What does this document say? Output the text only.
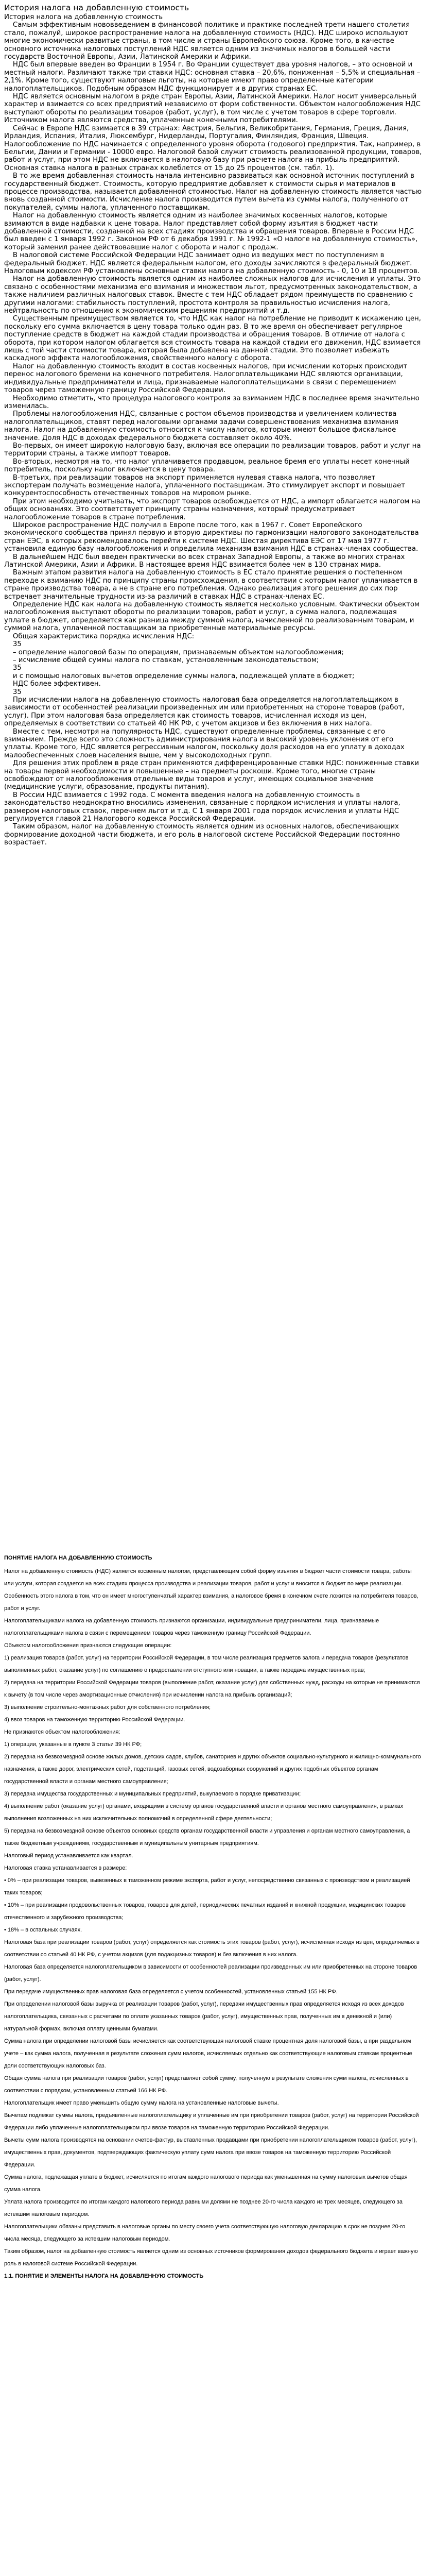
История налога на добавленную стоимость

История налога на добавленную стоимость

Самым эффективным нововведением в финансовой политике и практике последней трети нашего столетия стало, пожалуй, широкое распространение налога на добавленную стоимость (НДС). НДС широко используют многие экономически развитые страны, в том числе и страны Европейского союза. Кроме того, в качестве основного источника налоговых поступлений НДС является одним из значимых налогов в большей части государств Восточной Европы, Азии, Латинской Америки и Африки.

НДС был впервые введен во Франции в 1954 г. Во Франции существует два уровня налогов, – это основной и местный налоги. Различают также три ставки НДС: основная ставка – 20,6%, пониженная – 5,5% и специальная – 2,1%. Кроме того, существуют налоговые льготы, на которые имеют право определенные категории налогоплательщиков. Подобным образом НДС функционирует и в других странах ЕС.

НДС является основным налогом в ряде стран Европы, Азии, Латинской Америки. Налог носит универсальный характер и взимается со всех предприятий независимо от форм собственности. Объектом налогообложения НДС выступают обороты по реализации товаров (работ, услуг), в том числе с учетом товаров в сфере торговли. Источником налога являются средства, уплаченные конечными потребителями.

Сейчас в Европе НДС взимается в 39 странах: Австрия, Бельгия, Великобритания, Германия, Греция, Дания, Ирландия, Испания, Италия, Люксембург, Нидерланды, Португалия, Финляндия, Франция, Швеция. Налогообложение по НДС начинается с определенного уровня оборота (годового) предприятия. Так, например, в Бельгии, Дании и Германии - 10000 евро. Налоговой базой служит стоимость реализованной продукции, товаров, работ и услуг, при этом НДС не включается в налоговую базу при расчете налога на прибыль предприятий. Основная ставка налога в разных странах колеблется от 15 до 25 процентов (см. табл. 1).

В то же время добавленная стоимость начала интенсивно развиваться как основной источник поступлений в государственный бюджет. Стоимость, которую предприятие добавляет к стоимости сырья и материалов в процессе производства, называется добавленной стоимостью. Налог на добавленную стоимость является частью вновь созданной стоимости. Исчисление налога производится путем вычета из суммы налога, полученного от покупателей, суммы налога, уплаченного поставщикам.

Налог на добавленную стоимость является одним из наиболее значимых косвенных налогов, которые взимаются в виде надбавки к цене товара. Налог представляет собой форму изъятия в бюджет части добавленной стоимости, созданной на всех стадиях производства и обращения товаров. Впервые в России НДС был введен с 1 января 1992 г. Законом РФ от 6 декабря 1991 г. № 1992-1 «О налоге на добавленную стоимость», который заменил ранее действовавшие налог с оборота и налог с продаж.

В налоговой системе Российской Федерации НДС занимает одно из ведущих мест по поступлениям в федеральный бюджет. НДС является федеральным налогом, его доходы зачисляются в федеральный бюджет. Налоговым кодексом РФ установлены основные ставки налога на добавленную стоимость - 0, 10 и 18 процентов.

Налог на добавленную стоимость является одним из наиболее сложных налогов для исчисления и уплаты. Это связано с особенностями механизма его взимания и множеством льгот, предусмотренных законодательством, а также наличием различных налоговых ставок. Вместе с тем НДС обладает рядом преимуществ по сравнению с другими налогами: стабильность поступлений, простота контроля за правильностью исчисления налога, нейтральность по отношению к экономическим решениям предприятий и т.д.

Существенным преимуществом является то, что НДС как налог на потребление не приводит к искажению цен, поскольку его сумма включается в цену товара только один раз. В то же время он обеспечивает регулярное поступление средств в бюджет на каждой стадии производства и обращения товаров. В отличие от налога с оборота, при котором налогом облагается вся стоимость товара на каждой стадии его движения, НДС взимается лишь с той части стоимости товара, которая была добавлена на данной стадии. Это позволяет избежать каскадного эффекта налогообложения, свойственного налогу с оборота.

Налог на добавленную стоимость входит в состав косвенных налогов, при исчислении которых происходит перенос налогового бремени на конечного потребителя. Налогоплательщиками НДС являются организации, индивидуальные предприниматели и лица, признаваемые налогоплательщиками в связи с перемещением товаров через таможенную границу Российской Федерации.

Необходимо отметить, что процедура налогового контроля за взиманием НДС в последнее время значительно изменилась.

Проблемы налогообложения НДС, связанные с ростом объемов производства и увеличением количества налогоплательщиков, ставят перед налоговыми органами задачи совершенствования механизма взимания налога. Налог на добавленную стоимость относится к числу налогов, которые имеют большое фискальное значение. Доля НДС в доходах федерального бюджета составляет около 40%.

Во-первых, он имеет широкую налоговую базу, включая все операции по реализации товаров, работ и услуг на территории страны, а также импорт товаров.

Во-вторых, несмотря на то, что налог уплачивается продавцом, реальное бремя его уплаты несет конечный потребитель, поскольку налог включается в цену товара.

В-третьих, при реализации товаров на экспорт применяется нулевая ставка налога, что позволяет экспортерам получать возмещение налога, уплаченного поставщикам. Это стимулирует экспорт и повышает конкурентоспособность отечественных товаров на мировом рынке.

При этом необходимо учитывать, что экспорт товаров освобождается от НДС, а импорт облагается налогом на общих основаниях. Это соответствует принципу страны назначения, который предусматривает налогообложение товаров в стране потребления.

Широкое распространение НДС получил в Европе после того, как в 1967 г. Совет Европейского экономического сообщества принял первую и вторую директивы по гармонизации налогового законодательства стран ЕЭС, в которых рекомендовалось перейти к системе НДС. Шестая директива ЕЭС от 17 мая 1977 г. установила единую базу налогообложения и определила механизм взимания НДС в странах-членах сообщества.

В дальнейшем НДС был введен практически во всех странах Западной Европы, а также во многих странах Латинской Америки, Азии и Африки. В настоящее время НДС взимается более чем в 130 странах мира.

Важным этапом развития налога на добавленную стоимость в ЕС стало принятие решения о постепенном переходе к взиманию НДС по принципу страны происхождения, в соответствии с которым налог уплачивается в стране производства товара, а не в стране его потребления. Однако реализация этого решения до сих пор встречает значительные трудности из-за различий в ставках НДС в странах-членах ЕС.

Определение НДС как налога на добавленную стоимость является несколько условным. Фактически объектом налогообложения выступают обороты по реализации товаров, работ и услуг, а сумма налога, подлежащая уплате в бюджет, определяется как разница между суммой налога, начисленной по реализованным товарам, и суммой налога, уплаченной поставщикам за приобретенные материальные ресурсы.

Общая характеристика порядка исчисления НДС:

35

– определение налоговой базы по операциям, признаваемым объектом налогообложения;

– исчисление общей суммы налога по ставкам, установленным законодательством;

35

и с помощью налоговых вычетов определение суммы налога, подлежащей уплате в бюджет;

НДС более эффективен.

35

При исчислении налога на добавленную стоимость налоговая база определяется налогоплательщиком в зависимости от особенностей реализации произведенных им или приобретенных на стороне товаров (работ, услуг). При этом налоговая база определяется как стоимость товаров, исчисленная исходя из цен, определяемых в соответствии со статьей 40 НК РФ, с учетом акцизов и без включения в них налога.

Вместе с тем, несмотря на популярность НДС, существуют определенные проблемы, связанные с его взиманием. Прежде всего это сложность администрирования налога и высокий уровень уклонения от его уплаты. Кроме того, НДС является регрессивным налогом, поскольку доля расходов на его уплату в доходах малообеспеченных слоев населения выше, чем у высокодоходных групп.

Для решения этих проблем в ряде стран применяются дифференцированные ставки НДС: пониженные ставки на товары первой необходимости и повышенные – на предметы роскоши. Кроме того, многие страны освобождают от налогообложения отдельные виды товаров и услуг, имеющих социальное значение (медицинские услуги, образование, продукты питания).

В России НДС взимается с 1992 года. С момента введения налога на добавленную стоимость в законодательство неоднократно вносились изменения, связанные с порядком исчисления и уплаты налога, размером налоговых ставок, перечнем льгот и т.д. С 1 января 2001 года порядок исчисления и уплаты НДС регулируется главой 21 Налогового кодекса Российской Федерации.

Таким образом, налог на добавленную стоимость является одним из основных налогов, обеспечивающих формирование доходной части бюджета, и его роль в налоговой системе Российской Федерации постоянно возрастает.

ПОНЯТИЕ НАЛОГА НА ДОБАВЛЕННУЮ СТОИМОСТЬ

Налог на добавленную стоимость (НДС) является косвенным налогом, представляющим собой форму изъятия в бюджет части стоимости товара, работы или услуги, которая создается на всех стадиях процесса производства и реализации товаров, работ и услуг и вносится в бюджет по мере реализации.

Особенность этого налога в том, что он имеет многоступенчатый характер взимания, а налоговое бремя в конечном счете ложится на потребителя товаров, работ и услуг.

Налогоплательщиками налога на добавленную стоимость признаются организации, индивидуальные предприниматели, лица, признаваемые налогоплательщиками налога в связи с перемещением товаров через таможенную границу Российской Федерации.

Объектом налогообложения признаются следующие операции:

1) реализация товаров (работ, услуг) на территории Российской Федерации, в том числе реализация предметов залога и передача товаров (результатов выполненных работ, оказание услуг) по соглашению о предоставлении отступного или новации, а также передача имущественных прав;

2) передача на территории Российской Федерации товаров (выполнение работ, оказание услуг) для собственных нужд, расходы на которые не принимаются к вычету (в том числе через амортизационные отчисления) при исчислении налога на прибыль организаций;

3) выполнение строительно-монтажных работ для собственного потребления;

4) ввоз товаров на таможенную территорию Российской Федерации.

Не признаются объектом налогообложения:

1) операции, указанные в пункте 3 статьи 39 НК РФ;

2) передача на безвозмездной основе жилых домов, детских садов, клубов, санаториев и других объектов социально-культурного и жилищно-коммунального назначения, а также дорог, электрических сетей, подстанций, газовых сетей, водозаборных сооружений и других подобных объектов органам государственной власти и органам местного самоуправления;

3) передача имущества государственных и муниципальных предприятий, выкупаемого в порядке приватизации;

4) выполнение работ (оказание услуг) органами, входящими в систему органов государственной власти и органов местного самоуправления, в рамках выполнения возложенных на них исключительных полномочий в определенной сфере деятельности;

5) передача на безвозмездной основе объектов основных средств органам государственной власти и управления и органам местного самоуправления, а также бюджетным учреждениям, государственным и муниципальным унитарным предприятиям.

Налоговый период устанавливается как квартал.

Налоговая ставка устанавливается в размере:

• 0% – при реализации товаров, вывезенных в таможенном режиме экспорта, работ и услуг, непосредственно связанных с производством и реализацией таких товаров;

• 10% – при реализации продовольственных товаров, товаров для детей, периодических печатных изданий и книжной продукции, медицинских товаров отечественного и зарубежного производства;

• 18% – в остальных случаях.

Налоговая база при реализации товаров (работ, услуг) определяется как стоимость этих товаров (работ, услуг), исчисленная исходя из цен, определяемых в соответствии со статьей 40 НК РФ, с учетом акцизов (для подакцизных товаров) и без включения в них налога.

Налоговая база определяется налогоплательщиком в зависимости от особенностей реализации произведенных им или приобретенных на стороне товаров (работ, услуг).

При передаче имущественных прав налоговая база определяется с учетом особенностей, установленных статьей 155 НК РФ.

При определении налоговой базы выручка от реализации товаров (работ, услуг), передачи имущественных прав определяется исходя из всех доходов налогоплательщика, связанных с расчетами по оплате указанных товаров (работ, услуг), имущественных прав, полученных им в денежной и (или) натуральной формах, включая оплату ценными бумагами.

Сумма налога при определении налоговой базы исчисляется как соответствующая налоговой ставке процентная доля налоговой базы, а при раздельном учете – как сумма налога, полученная в результате сложения сумм налогов, исчисляемых отдельно как соответствующие налоговым ставкам процентные доли соответствующих налоговых баз.

Общая сумма налога при реализации товаров (работ, услуг) представляет собой сумму, полученную в результате сложения сумм налога, исчисленных в соответствии с порядком, установленным статьей 166 НК РФ.

Налогоплательщик имеет право уменьшить общую сумму налога на установленные налоговые вычеты.

Вычетам подлежат суммы налога, предъявленные налогоплательщику и уплаченные им при приобретении товаров (работ, услуг) на территории Российской Федерации либо уплаченные налогоплательщиком при ввозе товаров на таможенную территорию Российской Федерации.

Вычеты сумм налога производятся на основании счетов-фактур, выставленных продавцами при приобретении налогоплательщиком товаров (работ, услуг), имущественных прав, документов, подтверждающих фактическую уплату сумм налога при ввозе товаров на таможенную территорию Российской Федерации.

Сумма налога, подлежащая уплате в бюджет, исчисляется по итогам каждого налогового периода как уменьшенная на сумму налоговых вычетов общая сумма налога.

Уплата налога производится по итогам каждого налогового периода равными долями не позднее 20-го числа каждого из трех месяцев, следующего за истекшим налоговым периодом.

Налогоплательщики обязаны представить в налоговые органы по месту своего учета соответствующую налоговую декларацию в срок не позднее 20-го числа месяца, следующего за истекшим налоговым периодом.

Таким образом, налог на добавленную стоимость является одним из основных источников формирования доходов федерального бюджета и играет важную роль в налоговой системе Российской Федерации.

1.1. ПОНЯТИЕ И ЭЛЕМЕНТЫ НАЛОГА НА ДОБАВЛЕННУЮ СТОИМОСТЬ
